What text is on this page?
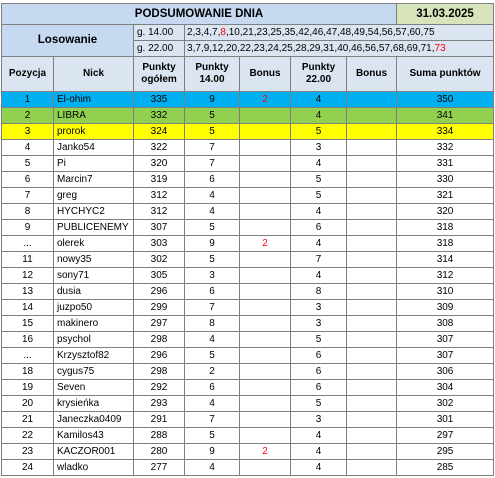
PODSUMOWANIE DNIA							31.03.2025
Losowanie		g. 14.00	2,3,4,7,8,10,21,23,25,35,42,46,47,48,49,54,56,57,60,75				
		g. 22.00	3,7,9,12,20,22,23,24,25,28,29,31,40,46,56,57,68,69,71,73				
Pozycja	Nick	Punkty ogółem	Punkty 14.00	Bonus	Punkty 22.00	Bonus	Suma punktów
1	El-ohim	335	9	2	4		350
2	LIBRA	332	5		4		341
3	prorok	324	5		5		334
4	Janko54	322	7		3		332
5	Pi	320	7		4		331
6	Marcin7	319	6		5		330
7	greg	312	4		5		321
8	HYCHYC2	312	4		4		320
9	PUBLICENEMY	307	5		6		318
...	olerek	303	9	2	4		318
11	nowy35	302	5		7		314
12	sony71	305	3		4		312
13	dusia	296	6		8		310
14	juzpo50	299	7		3		309
15	makinero	297	8		3		308
16	psychol	298	4		5		307
...	Krzysztof82	296	5		6		307
18	cygus75	298	2		6		306
19	Seven	292	6		6		304
20	krysieńka	293	4		5		302
21	Janeczka0409	291	7		3		301
22	Kamilos43	288	5		4		297
23	KACZOR001	280	9	2	4		295
24	wladko	277	4		4		285
